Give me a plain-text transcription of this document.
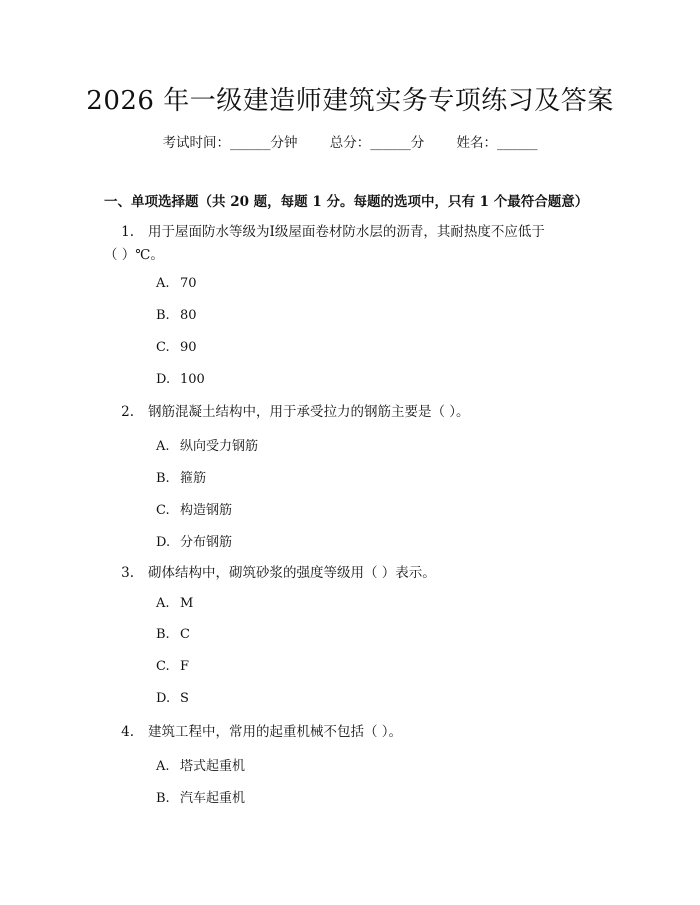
2026 年一级建造师建筑实务专项练习及答案
考试时间：______分钟 总分：______分 姓名：______
一、单项选择题（共 20 题，每题 1 分。每题的选项中，只有 1 个最符合题意）
1. 用于屋面防水等级为Ⅰ级屋面卷材防水层的沥青，其耐热度不应低于
（ ）℃。
A. 70
B. 80
C. 90
D. 100
2. 钢筋混凝土结构中，用于承受拉力的钢筋主要是（ ）。
A. 纵向受力钢筋
B. 箍筋
C. 构造钢筋
D. 分布钢筋
3. 砌体结构中，砌筑砂浆的强度等级用（ ）表示。
A. M
B. C
C. F
D. S
4. 建筑工程中，常用的起重机械不包括（ ）。
A. 塔式起重机
B. 汽车起重机
